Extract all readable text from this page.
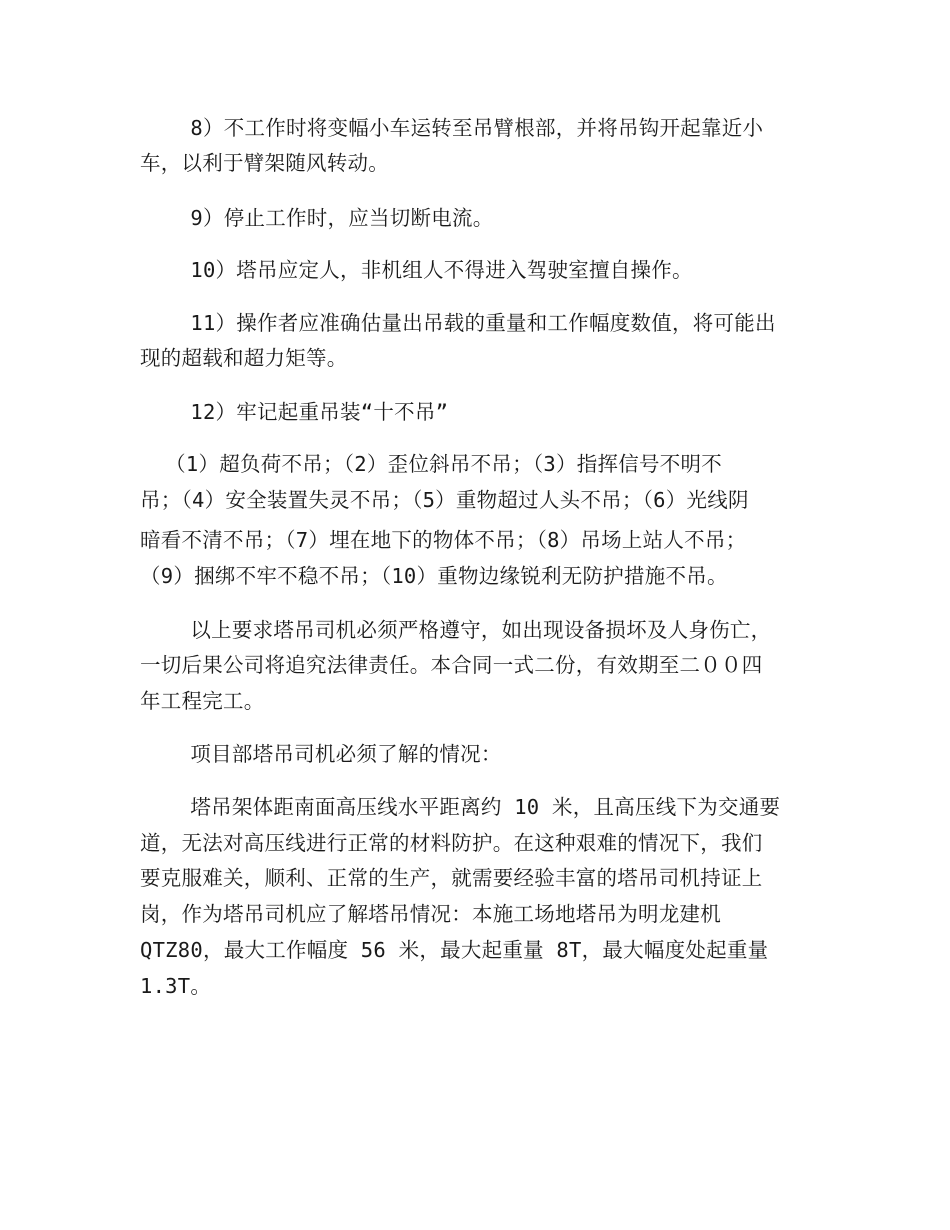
8）不工作时将变幅小车运转至吊臂根部，并将吊钩开起靠近小
车，以利于臂架随风转动。
9）停止工作时，应当切断电流。
10）塔吊应定人，非机组人不得进入驾驶室擅自操作。
11）操作者应准确估量出吊载的重量和工作幅度数值，将可能出
现的超载和超力矩等。
12）牢记起重吊装“十不吊”
（1）超负荷不吊；（2）歪位斜吊不吊；（3）指挥信号不明不
吊；（4）安全装置失灵不吊；（5）重物超过人头不吊；（6）光线阴
暗看不清不吊；（7）埋在地下的物体不吊；（8）吊场上站人不吊；
（9）捆绑不牢不稳不吊；（10）重物边缘锐利无防护措施不吊。
以上要求塔吊司机必须严格遵守，如出现设备损坏及人身伤亡，
一切后果公司将追究法律责任。本合同一式二份，有效期至二００四
年工程完工。
项目部塔吊司机必须了解的情况：
塔吊架体距南面高压线水平距离约 10 米，且高压线下为交通要
道，无法对高压线进行正常的材料防护。在这种艰难的情况下，我们
要克服难关，顺利、正常的生产，就需要经验丰富的塔吊司机持证上
岗，作为塔吊司机应了解塔吊情况：本施工场地塔吊为明龙建机
QTZ80，最大工作幅度 56 米，最大起重量 8T，最大幅度处起重量
1.3T。
